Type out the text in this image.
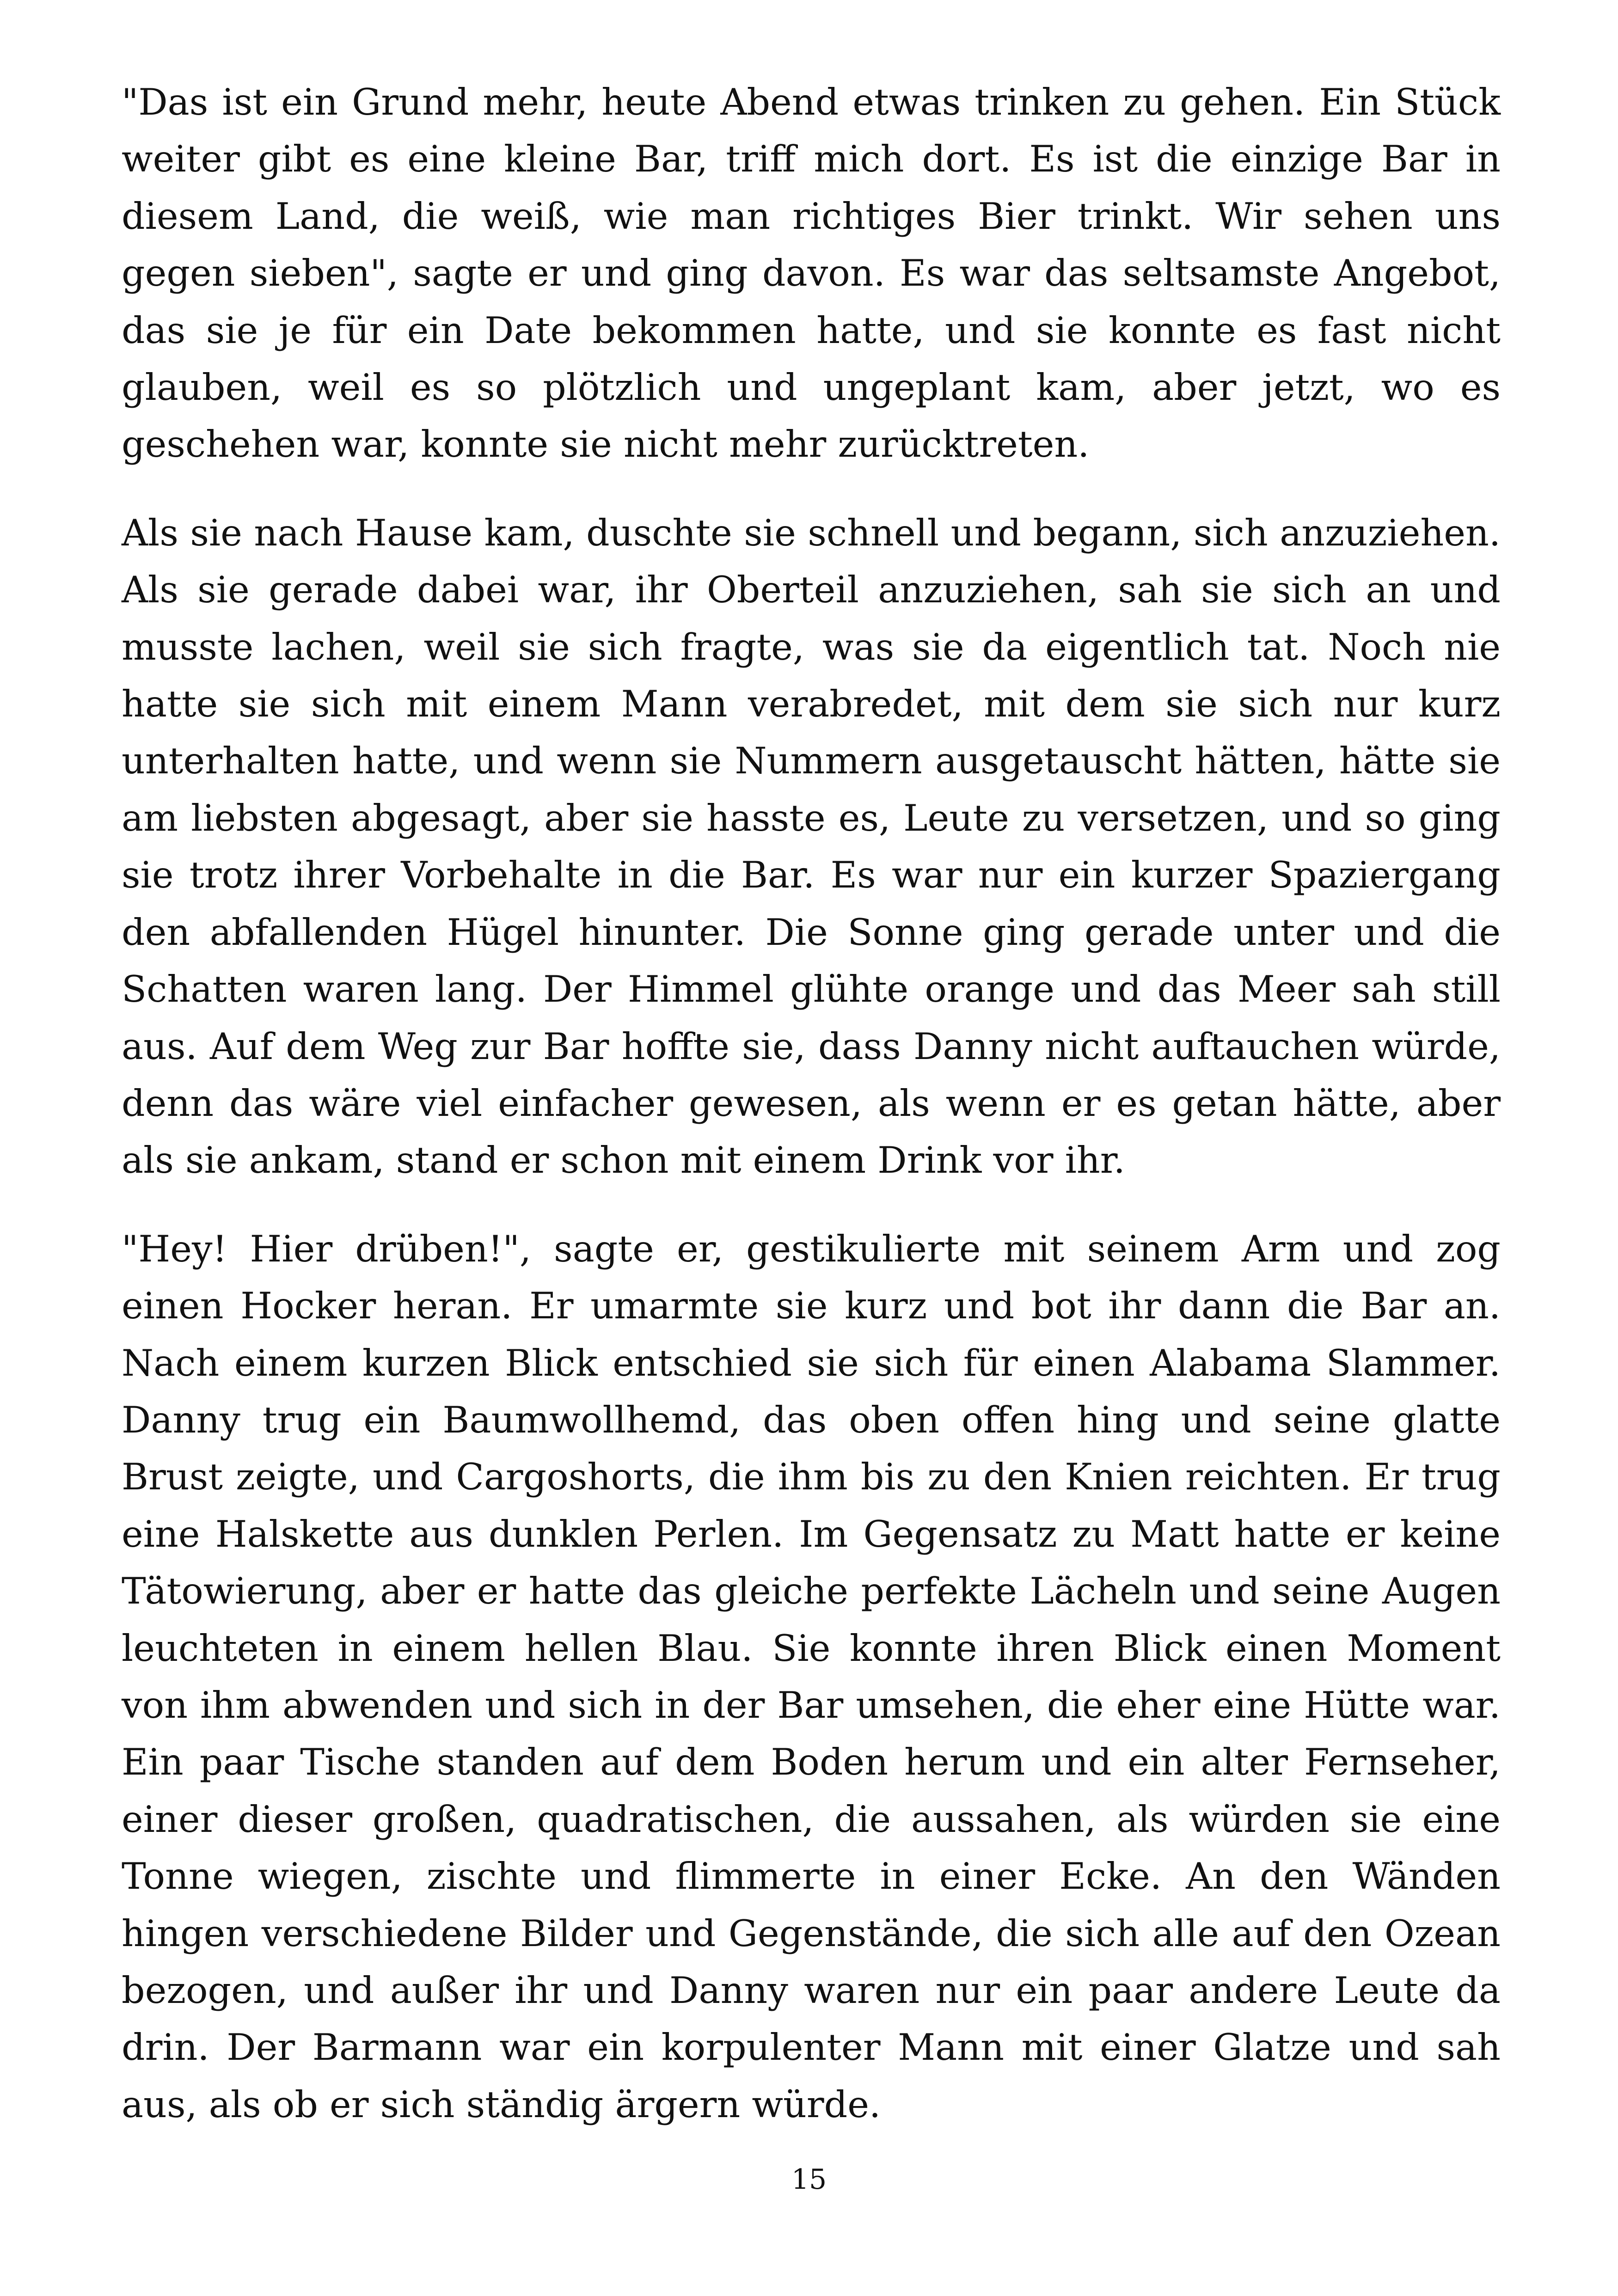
"Das ist ein Grund mehr, heute Abend etwas trinken zu gehen. Ein Stück weiter gibt es eine kleine Bar, triff mich dort. Es ist die einzige Bar in diesem Land, die weiß, wie man richtiges Bier trinkt. Wir sehen uns gegen sieben", sagte er und ging davon. Es war das seltsamste Angebot, das sie je für ein Date bekommen hatte, und sie konnte es fast nicht glauben, weil es so plötzlich und ungeplant kam, aber jetzt, wo es geschehen war, konnte sie nicht mehr zurücktreten.

Als sie nach Hause kam, duschte sie schnell und begann, sich anzuziehen. Als sie gerade dabei war, ihr Oberteil anzuziehen, sah sie sich an und musste lachen, weil sie sich fragte, was sie da eigentlich tat. Noch nie hatte sie sich mit einem Mann verabredet, mit dem sie sich nur kurz unterhalten hatte, und wenn sie Nummern ausgetauscht hätten, hätte sie am liebsten abgesagt, aber sie hasste es, Leute zu versetzen, und so ging sie trotz ihrer Vorbehalte in die Bar. Es war nur ein kurzer Spaziergang den abfallenden Hügel hinunter. Die Sonne ging gerade unter und die Schatten waren lang. Der Himmel glühte orange und das Meer sah still aus. Auf dem Weg zur Bar hoffte sie, dass Danny nicht auftauchen würde, denn das wäre viel einfacher gewesen, als wenn er es getan hätte, aber als sie ankam, stand er schon mit einem Drink vor ihr.

"Hey! Hier drüben!", sagte er, gestikulierte mit seinem Arm und zog einen Hocker heran. Er umarmte sie kurz und bot ihr dann die Bar an. Nach einem kurzen Blick entschied sie sich für einen Alabama Slammer. Danny trug ein Baumwollhemd, das oben offen hing und seine glatte Brust zeigte, und Cargoshorts, die ihm bis zu den Knien reichten. Er trug eine Halskette aus dunklen Perlen. Im Gegensatz zu Matt hatte er keine Tätowierung, aber er hatte das gleiche perfekte Lächeln und seine Augen leuchteten in einem hellen Blau. Sie konnte ihren Blick einen Moment von ihm abwenden und sich in der Bar umsehen, die eher eine Hütte war. Ein paar Tische standen auf dem Boden herum und ein alter Fernseher, einer dieser großen, quadratischen, die aussahen, als würden sie eine Tonne wiegen, zischte und flimmerte in einer Ecke. An den Wänden hingen verschiedene Bilder und Gegenstände, die sich alle auf den Ozean bezogen, und außer ihr und Danny waren nur ein paar andere Leute da drin. Der Barmann war ein korpulenter Mann mit einer Glatze und sah aus, als ob er sich ständig ärgern würde.

15
